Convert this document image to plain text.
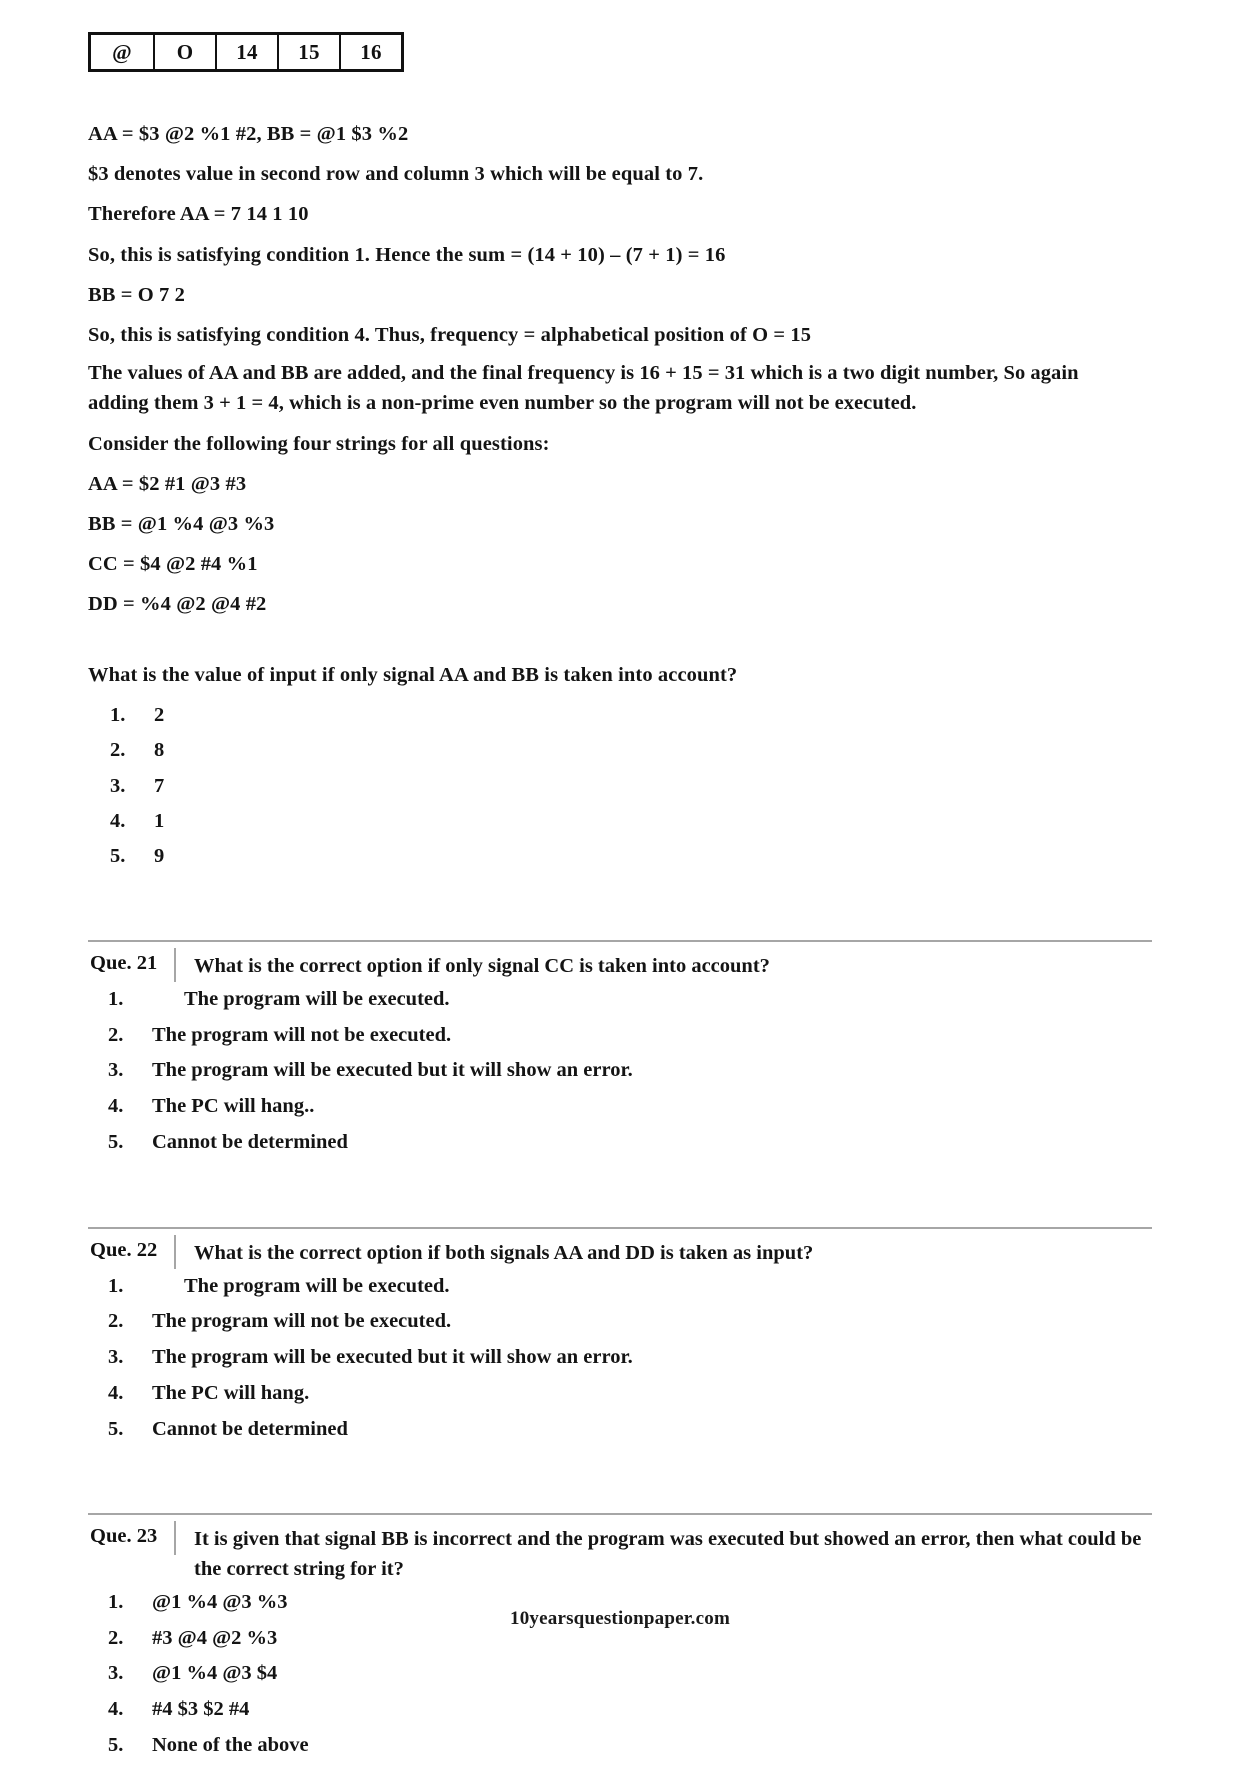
@	O	14	15	16

AA = $3 @2 %1 #2, BB = @1 $3 %2

$3 denotes value in second row and column 3 which will be equal to 7.

Therefore AA = 7 14 1 10

So, this is satisfying condition 1. Hence the sum = (14 + 10) – (7 + 1) = 16

BB = O 7 2

So, this is satisfying condition 4. Thus, frequency = alphabetical position of O = 15

The values of AA and BB are added, and the final frequency is 16 + 15 = 31 which is a two digit number, So again adding them 3 + 1 = 4, which is a non-prime even number so the program will not be executed.

Consider the following four strings for all questions:

AA = $2 #1 @3 #3

BB = @1 %4 @3 %3

CC = $4 @2 #4 %1

DD = %4 @2 @4 #2

What is the value of input if only signal AA and BB is taken into account?

1.	2
2.	8
3.	7
4.	1
5.	9
Que. 21	What is the correct option if only signal CC is taken into account?
1.	The program will be executed.
2.	The program will not be executed.
3.	The program will be executed but it will show an error.
4.	The PC will hang..
5.	Cannot be determined
Que. 22	What is the correct option if both signals AA and DD is taken as input?
1.	The program will be executed.
2.	The program will not be executed.
3.	The program will be executed but it will show an error.
4.	The PC will hang.
5.	Cannot be determined
Que. 23	It is given that signal BB is incorrect and the program was executed but showed an error, then what could be the correct string for it?
1.	@1 %4 @3 %3
2.	#3 @4 @2 %3
3.	@1 %4 @3 $4
4.	#4 $3 $2 #4
5.	None of the above
10yearsquestionpaper.com
